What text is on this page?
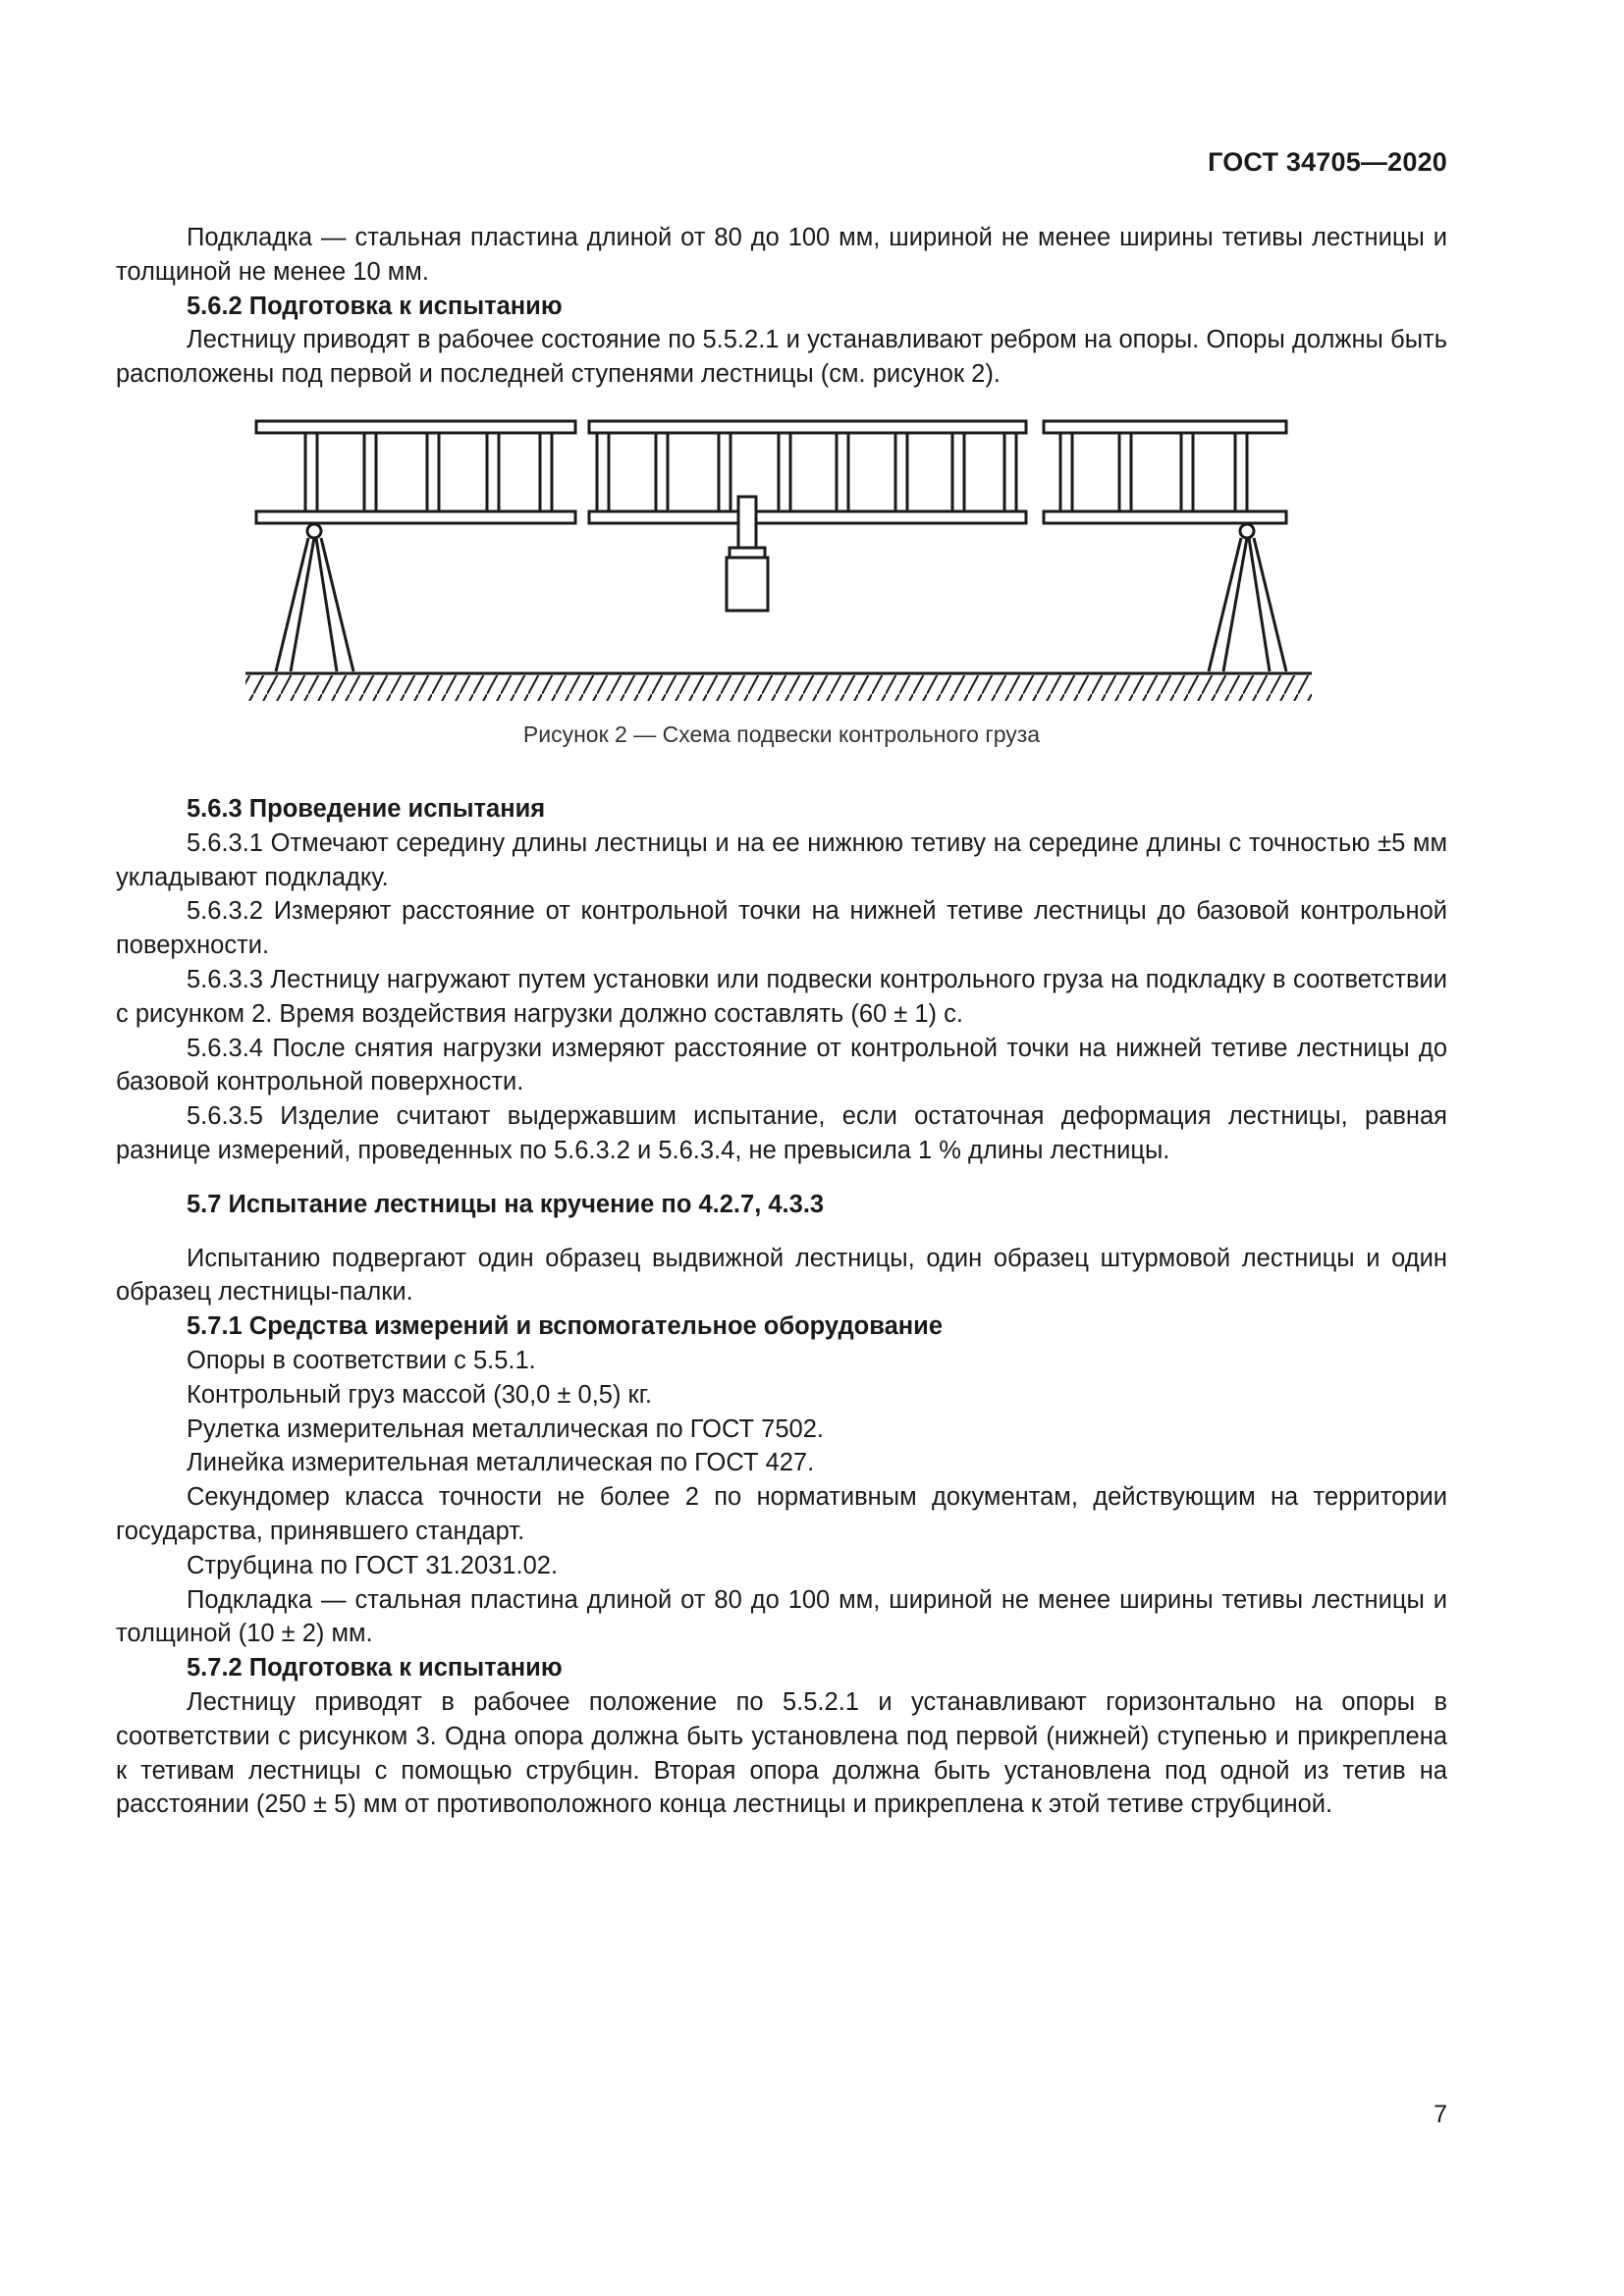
ГОСТ 34705—2020

Подкладка — стальная пластина длиной от 80 до 100 мм, шириной не менее ширины тетивы лестницы и толщиной не менее 10 мм.

5.6.2 Подготовка к испытанию

Лестницу приводят в рабочее состояние по 5.5.2.1 и устанавливают ребром на опоры. Опоры должны быть расположены под первой и последней ступенями лестницы (см. рисунок 2).

Рисунок 2 — Схема подвески контрольного груза

5.6.3 Проведение испытания

5.6.3.1 Отмечают середину длины лестницы и на ее нижнюю тетиву на середине длины с точностью ±5 мм укладывают подкладку.

5.6.3.2 Измеряют расстояние от контрольной точки на нижней тетиве лестницы до базовой контрольной поверхности.

5.6.3.3 Лестницу нагружают путем установки или подвески контрольного груза на подкладку в соответствии с рисунком 2. Время воздействия нагрузки должно составлять (60 ± 1) с.

5.6.3.4 После снятия нагрузки измеряют расстояние от контрольной точки на нижней тетиве лестницы до базовой контрольной поверхности.

5.6.3.5 Изделие считают выдержавшим испытание, если остаточная деформация лестницы, равная разнице измерений, проведенных по 5.6.3.2 и 5.6.3.4, не превысила 1 % длины лестницы.

5.7 Испытание лестницы на кручение по 4.2.7, 4.3.3

Испытанию подвергают один образец выдвижной лестницы, один образец штурмовой лестницы и один образец лестницы-палки.

5.7.1 Средства измерений и вспомогательное оборудование

Опоры в соответствии с 5.5.1.

Контрольный груз массой (30,0 ± 0,5) кг.

Рулетка измерительная металлическая по ГОСТ 7502.

Линейка измерительная металлическая по ГОСТ 427.

Секундомер класса точности не более 2 по нормативным документам, действующим на территории государства, принявшего стандарт.

Струбцина по ГОСТ 31.2031.02.

Подкладка — стальная пластина длиной от 80 до 100 мм, шириной не менее ширины тетивы лестницы и толщиной (10 ± 2) мм.

5.7.2 Подготовка к испытанию

Лестницу приводят в рабочее положение по 5.5.2.1 и устанавливают горизонтально на опоры в соответствии с рисунком 3. Одна опора должна быть установлена под первой (нижней) ступенью и прикреплена к тетивам лестницы с помощью струбцин. Вторая опора должна быть установлена под одной из тетив на расстоянии (250 ± 5) мм от противоположного конца лестницы и прикреплена к этой тетиве струбциной.

7
